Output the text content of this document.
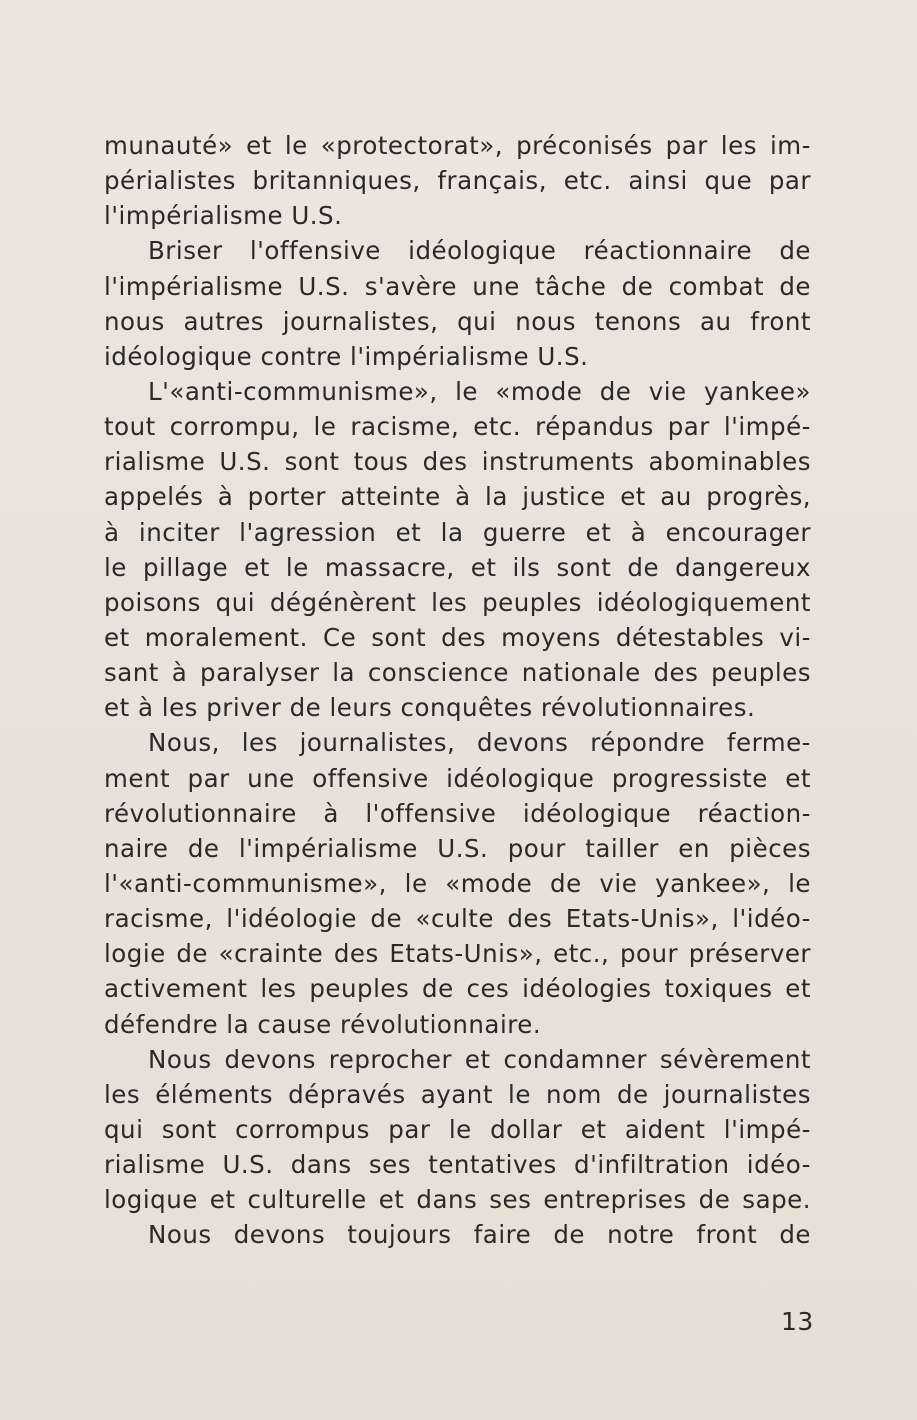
munauté» et le «protectorat», préconisés par les im-
périalistes britanniques, français, etc. ainsi que par
l'impérialisme U.S.
Briser l'offensive idéologique réactionnaire de
l'impérialisme U.S. s'avère une tâche de combat de
nous autres journalistes, qui nous tenons au front
idéologique contre l'impérialisme U.S.
L'«anti-communisme», le «mode de vie yankee»
tout corrompu, le racisme, etc. répandus par l'impé-
rialisme U.S. sont tous des instruments abominables
appelés à porter atteinte à la justice et au progrès,
à inciter l'agression et la guerre et à encourager
le pillage et le massacre, et ils sont de dangereux
poisons qui dégénèrent les peuples idéologiquement
et moralement. Ce sont des moyens détestables vi-
sant à paralyser la conscience nationale des peuples
et à les priver de leurs conquêtes révolutionnaires.
Nous, les journalistes, devons répondre ferme-
ment par une offensive idéologique progressiste et
révolutionnaire à l'offensive idéologique réaction-
naire de l'impérialisme U.S. pour tailler en pièces
l'«anti-communisme», le «mode de vie yankee», le
racisme, l'idéologie de «culte des Etats-Unis», l'idéo-
logie de «crainte des Etats-Unis», etc., pour préserver
activement les peuples de ces idéologies toxiques et
défendre la cause révolutionnaire.
Nous devons reprocher et condamner sévèrement
les éléments dépravés ayant le nom de journalistes
qui sont corrompus par le dollar et aident l'impé-
rialisme U.S. dans ses tentatives d'infiltration idéo-
logique et culturelle et dans ses entreprises de sape.
Nous devons toujours faire de notre front de
13
